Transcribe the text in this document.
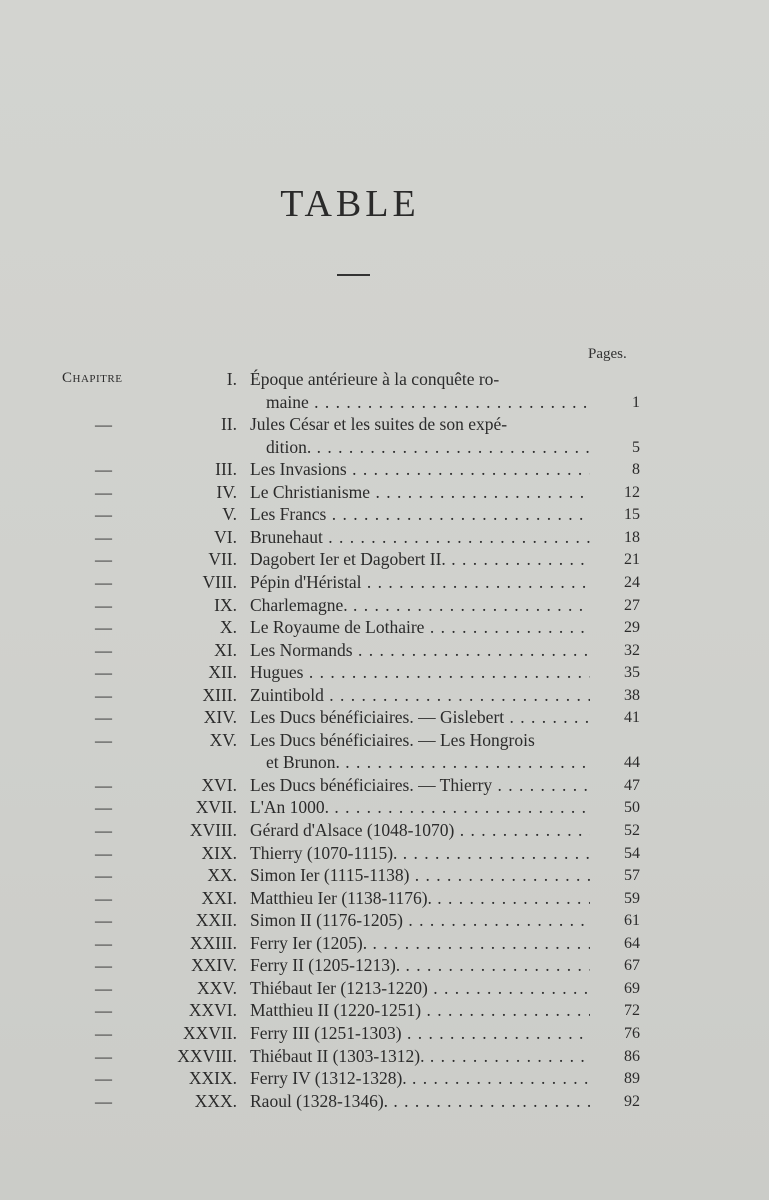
TABLE
Pages.
Chapitre	I. Époque antérieure à la conquête ro-
maine . . .	1
—	II. Jules César et les suites de son expé-
dition. . . .	5
—	III. Les Invasions . . .	8
—	IV. Le Christianisme . . .	12
—	V. Les Francs . . .	15
—	VI. Brunehaut . . .	18
—	VII. Dagobert Ier et Dagobert II. . . .	21
—	VIII. Pépin d'Héristal . . .	24
—	IX. Charlemagne. . . .	27
—	X. Le Royaume de Lothaire . . .	29
—	XI. Les Normands . . .	32
—	XII. Hugues . . .	35
—	XIII. Zuintibold . . .	38
—	XIV. Les Ducs bénéficiaires. — Gislebert . . .	41
—	XV. Les Ducs bénéficiaires. — Les Hongrois
et Brunon. . . .	44
—	XVI. Les Ducs bénéficiaires. — Thierry . . .	47
—	XVII. L'An 1000. . . .	50
—	XVIII. Gérard d'Alsace (1048-1070) . . .	52
—	XIX. Thierry (1070-1115). . . .	54
—	XX. Simon Ier (1115-1138) . . .	57
—	XXI. Matthieu Ier (1138-1176). . . .	59
—	XXII. Simon II (1176-1205) . . .	61
—	XXIII. Ferry Ier (1205). . . .	64
—	XXIV. Ferry II (1205-1213). . . .	67
—	XXV. Thiébaut Ier (1213-1220) . . .	69
—	XXVI. Matthieu II (1220-1251) . . .	72
—	XXVII. Ferry III (1251-1303) . . .	76
—	XXVIII. Thiébaut II (1303-1312). . . .	86
—	XXIX. Ferry IV (1312-1328). . . .	89
—	XXX. Raoul (1328-1346). . . .	92
